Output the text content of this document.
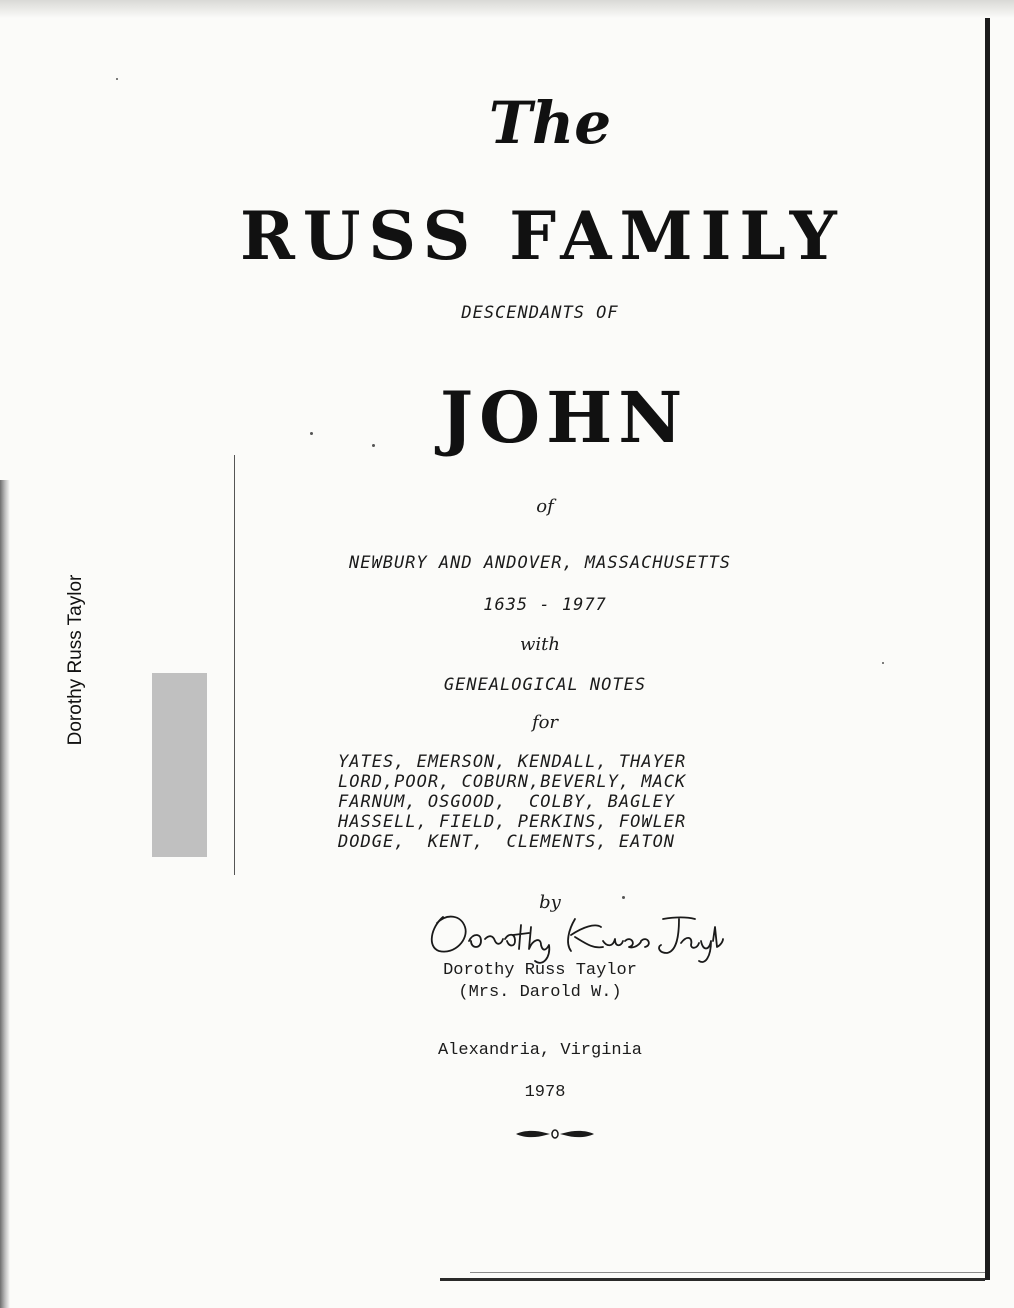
Dorothy Russ Taylor
The
RUSS FAMILY
DESCENDANTS OF
JOHN
of
NEWBURY AND ANDOVER, MASSACHUSETTS
1635 - 1977
with
GENEALOGICAL NOTES
for
YATES, EMERSON, KENDALL, THAYER
LORD,POOR, COBURN,BEVERLY, MACK
FARNUM, OSGOOD,  COLBY, BAGLEY
HASSELL, FIELD, PERKINS, FOWLER
DODGE,  KENT,  CLEMENTS, EATON
by
Dorothy Russ Taylor
(Mrs. Darold W.)
Alexandria, Virginia
1978
